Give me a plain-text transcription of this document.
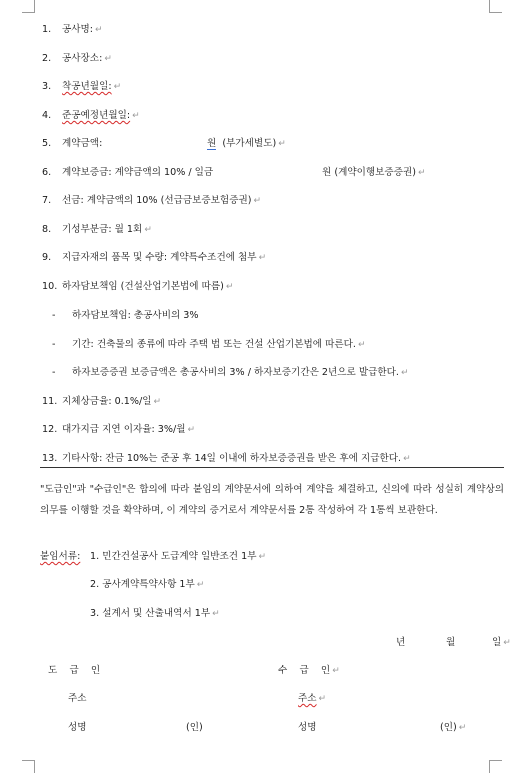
1. 공사명: ↵
2. 공사장소: ↵
3. 착공년월일: ↵
4. 준공예정년월일: ↵
5. 계약금액:	원 (부가세별도) ↵
6. 계약보증금: 계약금액의 10% / 일금	원 (계약이행보증증권) ↵
7. 선금: 계약금액의 10% (선급금보증보험증권) ↵
8. 기성부분금: 월 1회 ↵
9. 지급자재의 품목 및 수량: 계약특수조건에 첨부 ↵
10. 하자담보책임 (건설산업기본법에 따름) ↵
- 하자담보책임: 총공사비의 3%
- 기간: 건축물의 종류에 따라 주택 법 또는 건설 산업기본법에 따른다. ↵
- 하자보증증권 보증금액은 총공사비의 3% / 하자보증기간은 2년으로 발급한다. ↵
11. 지체상금율: 0.1%/일 ↵
12. 대가지급 지연 이자율: 3%/월 ↵
13. 기타사항: 잔금 10%는 준공 후 14일 이내에 하자보증증권을 받은 후에 지급한다. ↵
"도급인"과 "수급인"은 합의에 따라 붙임의 계약문서에 의하여 계약을 체결하고, 신의에 따라 성실히 계약상의 의무를 이행할 것을 확약하며, 이 계약의 증거로서 계약문서를 2통 작성하여 각 1통씩 보관한다.
붙임서류: 1. 민간건설공사 도급계약 일반조건 1부 ↵
2. 공사계약특약사항 1부 ↵
3. 설계서 및 산출내역서 1부 ↵
년	월	일 ↵
도    급    인	수    급    인 ↵
주소	주소 ↵
성명	(인)	성명	(인) ↵
